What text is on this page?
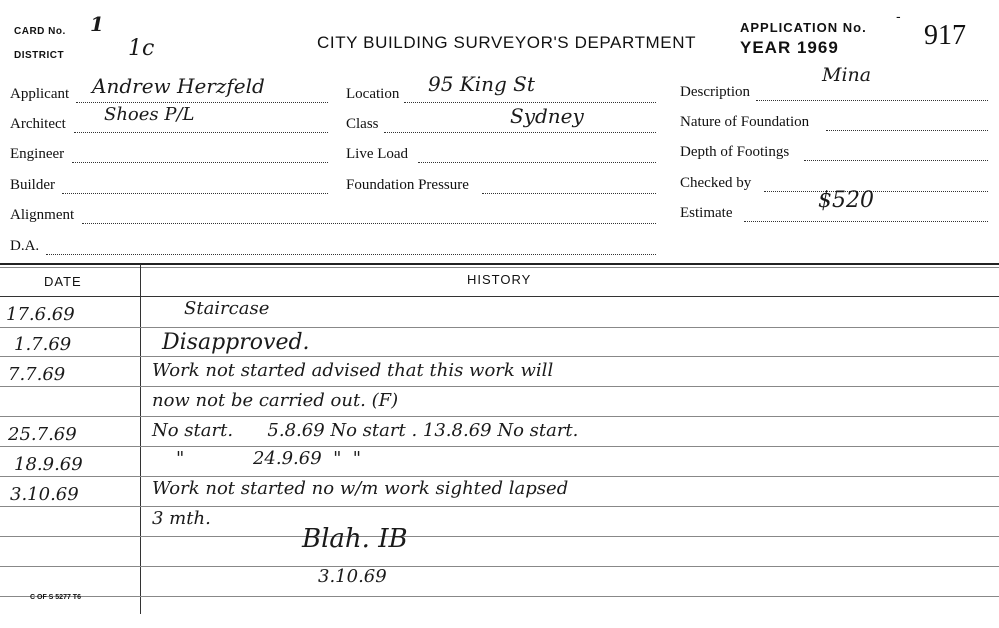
CARD No. 1
DISTRICT	1c	CITY BUILDING SURVEYOR'S DEPARTMENT
APPLICATION No.
-
YEAR 1969	917
Applicant Andrew Herzfeld
Architect Shoes P/L
Engineer
Builder
Alignment
D.A.
Location 95 King St
Class	Sydney
Live Load
Foundation Pressure
Description
Mina
Nature of Foundation
Depth of Footings
Checked by
Estimate	$520
DATE	HISTORY
17.6.69	Staircase
1.7.69	Disapproved.
7.7.69	Work not started advised that this work will
now not be carried out. (F)
25.7.69	No start.      5.8.69 No start . 13.8.69 No start.
18.9.69	"            24.9.69  "  "
3.10.69	Work not started no w/m work sighted lapsed
3 mth.
Blah. IB
3.10.69
C OF S 5277 T6
